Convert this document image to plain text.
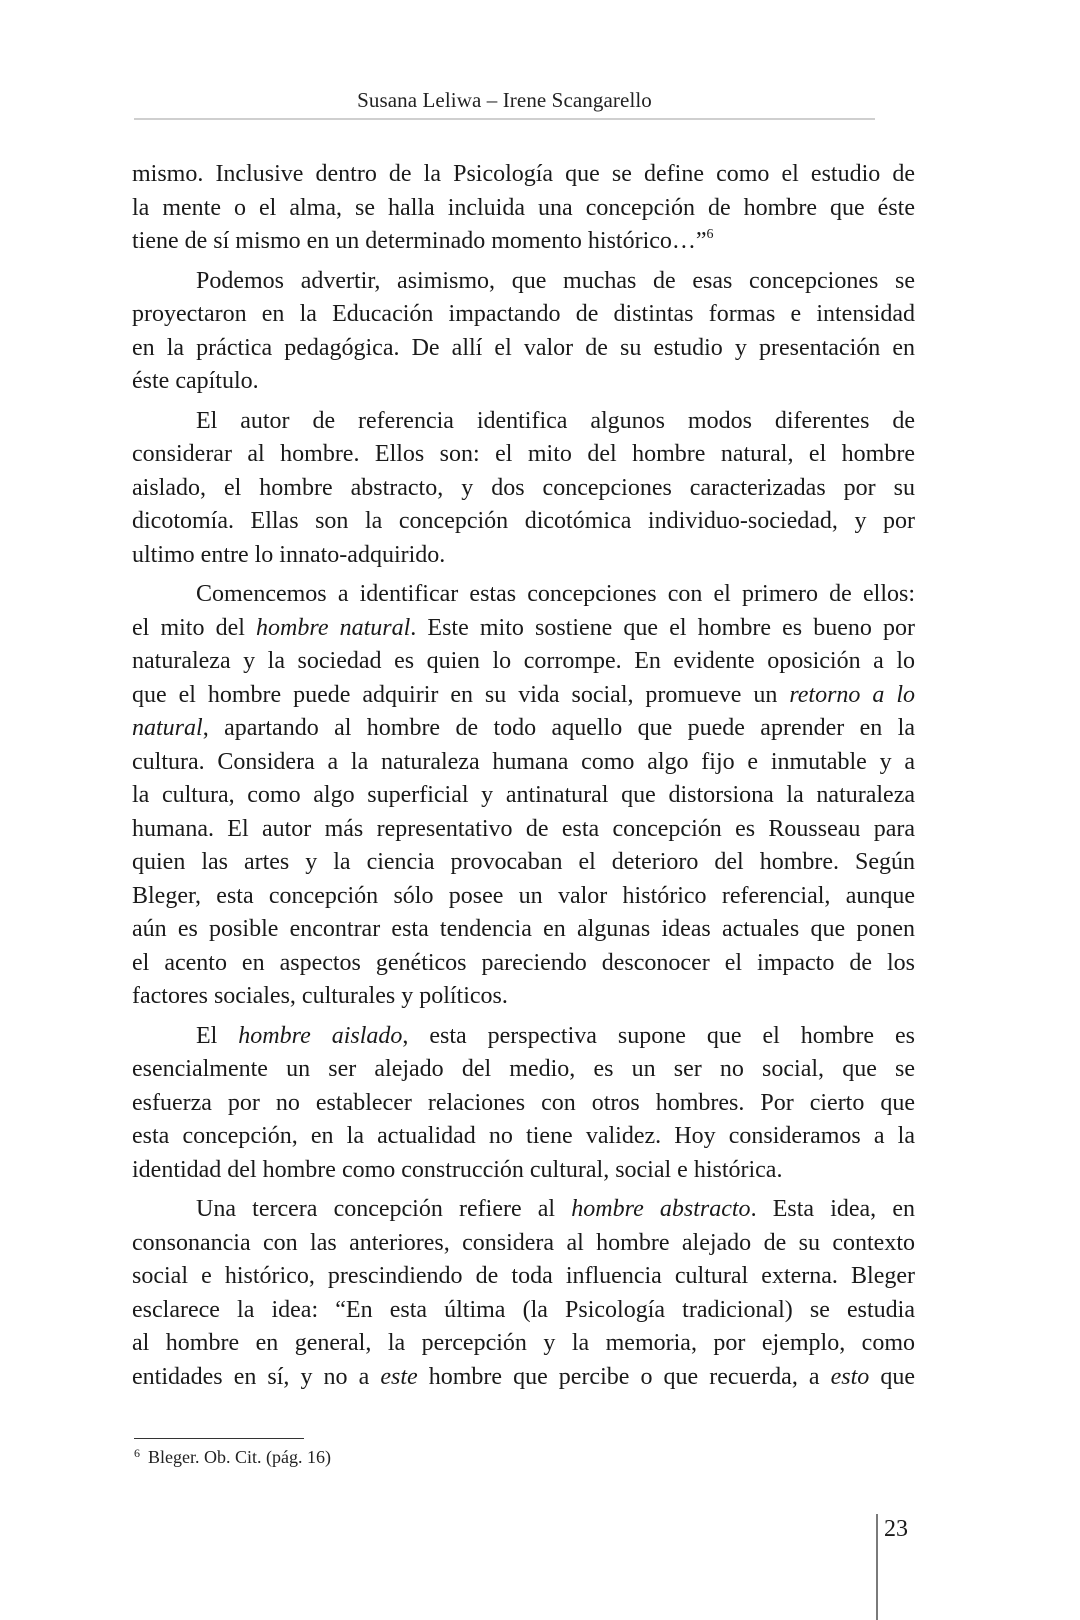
Susana Leliwa – Irene Scangarello
mismo. Inclusive dentro de la Psicología que se define como el estudio de
la mente o el alma, se halla incluida una concepción de hombre que éste
tiene de sí mismo en un determinado momento histórico…”$^6$
Podemos advertir, asimismo, que muchas de esas concepciones se
proyectaron en la Educación impactando de distintas formas e intensidad
en la práctica pedagógica. De allí el valor de su estudio y presentación en
éste capítulo.
El autor de referencia identifica algunos modos diferentes de
considerar al hombre. Ellos son: el mito del hombre natural, el hombre
aislado, el hombre abstracto, y dos concepciones caracterizadas por su
dicotomía. Ellas son la concepción dicotómica individuo-sociedad, y por
ultimo entre lo innato-adquirido.
Comencemos a identificar estas concepciones con el primero de ellos:
el mito del hombre natural. Este mito sostiene que el hombre es bueno por
naturaleza y la sociedad es quien lo corrompe. En evidente oposición a lo
que el hombre puede adquirir en su vida social, promueve un retorno a lo
natural, apartando al hombre de todo aquello que puede aprender en la
cultura. Considera a la naturaleza humana como algo fijo e inmutable y a
la cultura, como algo superficial y antinatural que distorsiona la naturaleza
humana. El autor más representativo de esta concepción es Rousseau para
quien las artes y la ciencia provocaban el deterioro del hombre. Según
Bleger, esta concepción sólo posee un valor histórico referencial, aunque
aún es posible encontrar esta tendencia en algunas ideas actuales que ponen
el acento en aspectos genéticos pareciendo desconocer el impacto de los
factores sociales, culturales y políticos.
El hombre aislado, esta perspectiva supone que el hombre es
esencialmente un ser alejado del medio, es un ser no social, que se
esfuerza por no establecer relaciones con otros hombres. Por cierto que
esta concepción, en la actualidad no tiene validez. Hoy consideramos a la
identidad del hombre como construcción cultural, social e histórica.
Una tercera concepción refiere al hombre abstracto. Esta idea, en
consonancia con las anteriores, considera al hombre alejado de su contexto
social e histórico, prescindiendo de toda influencia cultural externa. Bleger
esclarece la idea: “En esta última (la Psicología tradicional) se estudia
al hombre en general, la percepción y la memoria, por ejemplo, como
entidades en sí, y no a este hombre que percibe o que recuerda, a esto que
$^6$ Bleger. Ob. Cit. (pág. 16)
23
